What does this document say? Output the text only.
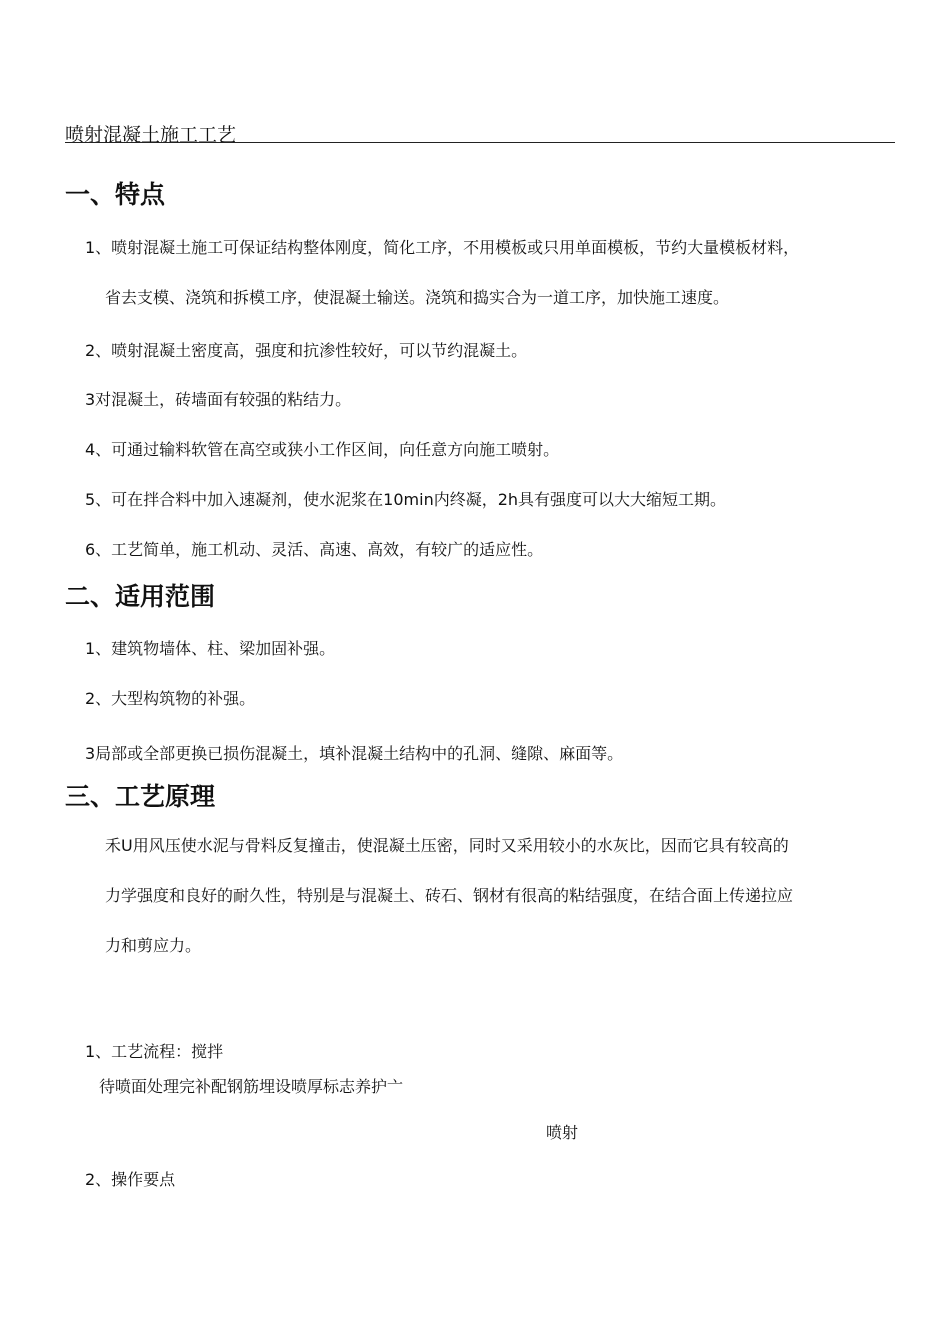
喷射混凝土施工工艺
一、特点
1、喷射混凝土施工可保证结构整体刚度，简化工序，不用模板或只用单面模板，节约大量模板材料，
省去支模、浇筑和拆模工序，使混凝土输送。浇筑和捣实合为一道工序，加快施工速度。
2、喷射混凝土密度高，强度和抗渗性较好，可以节约混凝土。
3对混凝土，砖墙面有较强的粘结力。
4、可通过输料软管在高空或狭小工作区间，向任意方向施工喷射。
5、可在拌合料中加入速凝剂，使水泥浆在10min内终凝，2h具有强度可以大大缩短工期。
6、工艺简单，施工机动、灵活、高速、高效，有较广的适应性。
二、适用范围
1、建筑物墙体、柱、梁加固补强。
2、大型构筑物的补强。
3局部或全部更换已损伤混凝土，填补混凝土结构中的孔洞、缝隙、麻面等。
三、工艺原理
禾U用风压使水泥与骨料反复撞击，使混凝土压密，同时又采用较小的水灰比，因而它具有较高的
力学强度和良好的耐久性，特别是与混凝土、砖石、钢材有很高的粘结强度，在结合面上传递拉应
力和剪应力。
1、工艺流程：搅拌
待喷面处理完补配钢筋埋设喷厚标志养护亠
喷射
2、操作要点
